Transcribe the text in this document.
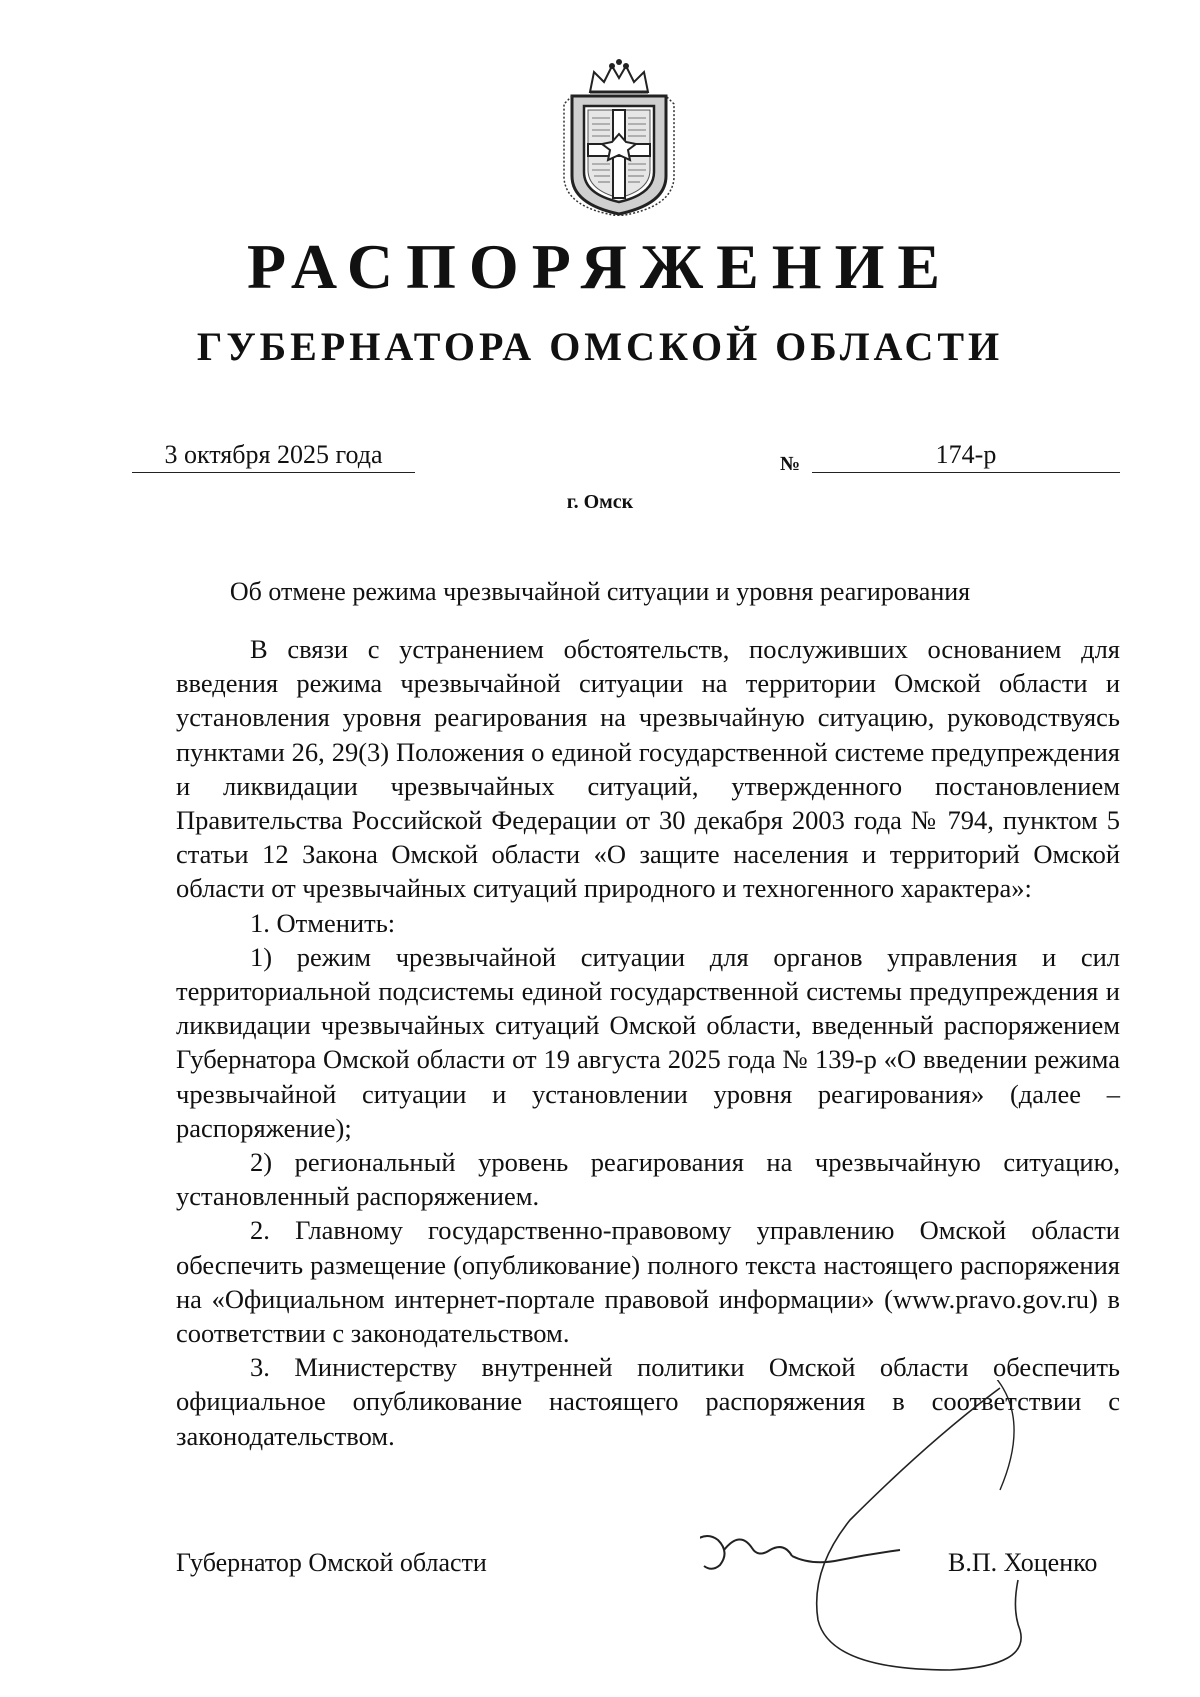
РАСПОРЯЖЕНИЕ
ГУБЕРНАТОРА ОМСКОЙ ОБЛАСТИ
3 октября 2025 года	№	174-р
г. Омск
Об отмене режима чрезвычайной ситуации и уровня реагирования

В связи с устранением обстоятельств, послуживших основанием для введения режима чрезвычайной ситуации на территории Омской области и установления уровня реагирования на чрезвычайную ситуацию, руководствуясь пунктами 26, 29(3) Положения о единой государственной системе предупреждения и ликвидации чрезвычайных ситуаций, утвержденного постановлением Правительства Российской Федерации от 30 декабря 2003 года № 794, пунктом 5 статьи 12 Закона Омской области «О защите населения и территорий Омской области от чрезвычайных ситуаций природного и техногенного характера»:

1. Отменить:

1) режим чрезвычайной ситуации для органов управления и сил территориальной подсистемы единой государственной системы предупреждения и ликвидации чрезвычайных ситуаций Омской области, введенный распоряжением Губернатора Омской области от 19 августа 2025 года № 139-р «О введении режима чрезвычайной ситуации и установлении уровня реагирования» (далее – распоряжение);

2) региональный уровень реагирования на чрезвычайную ситуацию, установленный распоряжением.

2. Главному государственно-правовому управлению Омской области обеспечить размещение (опубликование) полного текста настоящего распоряжения на «Официальном интернет-портале правовой информации» (www.pravo.gov.ru) в соответствии с законодательством.

3. Министерству внутренней политики Омской области обеспечить официальное опубликование настоящего распоряжения в соответствии с законодательством.

Губернатор Омской области	В.П. Хоценко
